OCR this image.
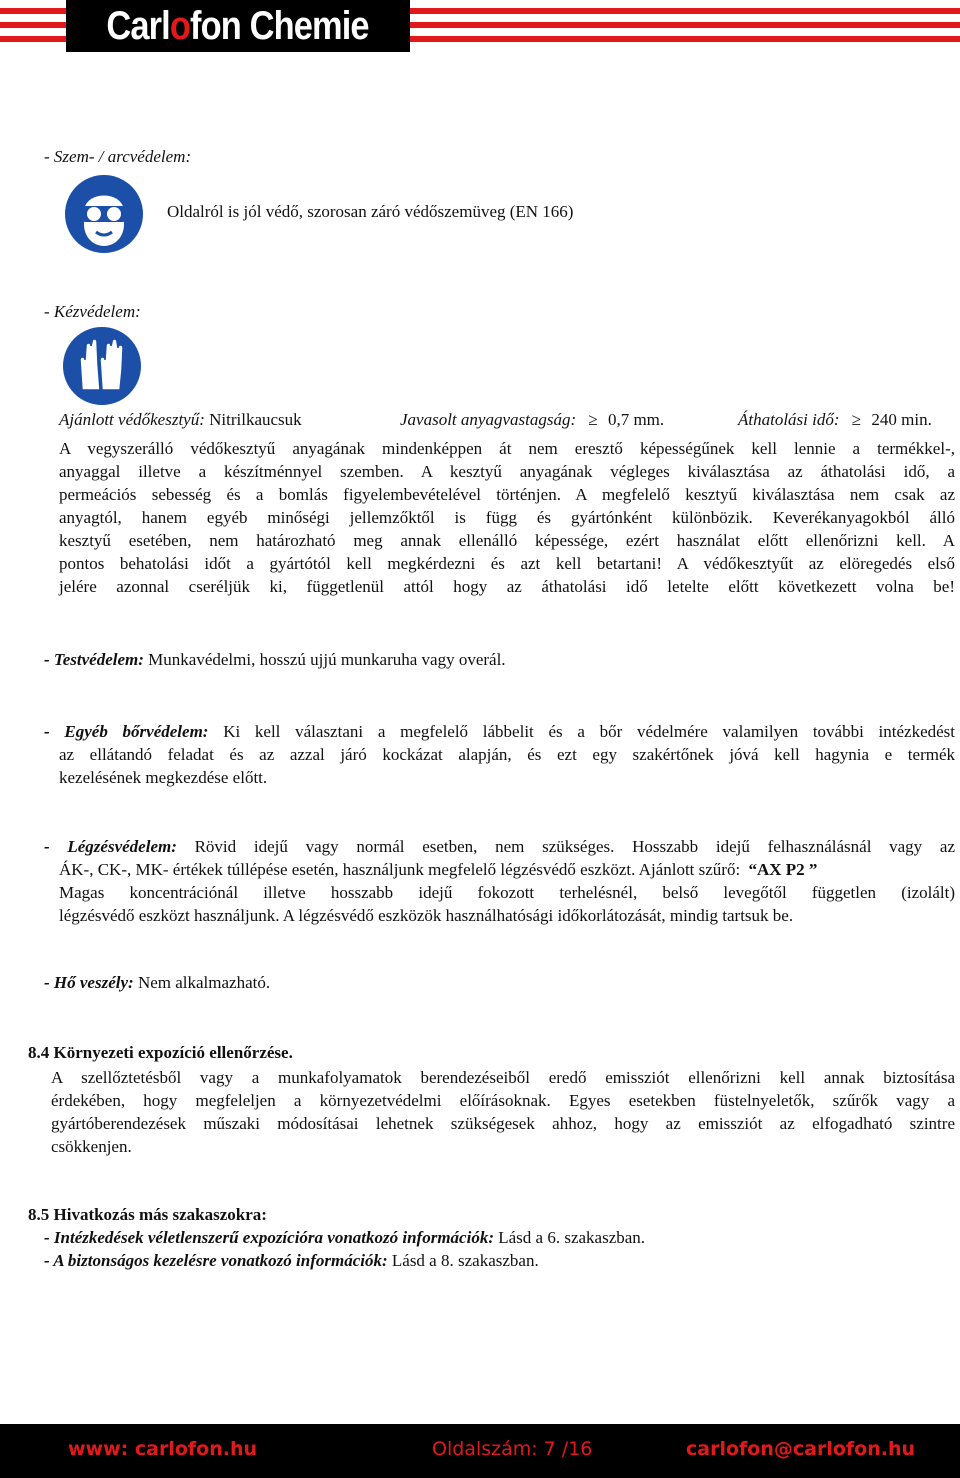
Carlofon Chemie
- Szem- / arcvédelem:
Oldalról is jól védő, szorosan záró védőszemüveg (EN 166)
- Kézvédelem:
Ajánlott védőkesztyű: Nitrilkaucsuk	Javasolt anyagvastagság: ≥ 0,7 mm.	Áthatolási idő: ≥ 240 min.
A vegyszerálló védőkesztyű anyagának mindenképpen át nem eresztő képességűnek kell lennie a termékkel-,
anyaggal illetve a készítménnyel szemben. A kesztyű anyagának végleges kiválasztása az áthatolási idő, a
permeációs sebesség és a bomlás figyelembevételével történjen. A megfelelő kesztyű kiválasztása nem csak az
anyagtól, hanem egyéb minőségi jellemzőktől is függ és gyártónként különbözik. Keverékanyagokból álló
kesztyű esetében, nem határozható meg annak ellenálló képessége, ezért használat előtt ellenőrizni kell. A
pontos behatolási időt a gyártótól kell megkérdezni és azt kell betartani! A védőkesztyűt az elöregedés első
jelére azonnal cseréljük ki, függetlenül attól hogy az áthatolási idő letelte előtt következett volna be!
- Testvédelem: Munkavédelmi, hosszú ujjú munkaruha vagy overál.
- Egyéb bőrvédelem: Ki kell választani a megfelelő lábbelit és a bőr védelmére valamilyen további intézkedést
az ellátandó feladat és az azzal járó kockázat alapján, és ezt egy szakértőnek jóvá kell hagynia e termék
kezelésének megkezdése előtt.
- Légzésvédelem: Rövid idejű vagy normál esetben, nem szükséges. Hosszabb idejű felhasználásnál vagy az
ÁK-, CK-, MK- értékek túllépése esetén, használjunk megfelelő légzésvédő eszközt. Ajánlott szűrő: “AX P2 ”
Magas koncentrációnál illetve hosszabb idejű fokozott terhelésnél, belső levegőtől független (izolált)
légzésvédő eszközt használjunk. A légzésvédő eszközök használhatósági időkorlátozását, mindig tartsuk be.
- Hő veszély: Nem alkalmazható.
8.4 Környezeti expozíció ellenőrzése.
A szellőztetésből vagy a munkafolyamatok berendezéseiből eredő emissziót ellenőrizni kell annak biztosítása
érdekében, hogy megfeleljen a környezetvédelmi előírásoknak. Egyes esetekben füstelnyeletők, szűrők vagy a
gyártóberendezések műszaki módosításai lehetnek szükségesek ahhoz, hogy az emissziót az elfogadható szintre
csökkenjen.
8.5 Hivatkozás más szakaszokra:
- Intézkedések véletlenszerű expozícióra vonatkozó információk: Lásd a 6. szakaszban.
- A biztonságos kezelésre vonatkozó információk: Lásd a 8. szakaszban.
www: carlofon.hu	Oldalszám: 7 /16	carlofon@carlofon.hu
